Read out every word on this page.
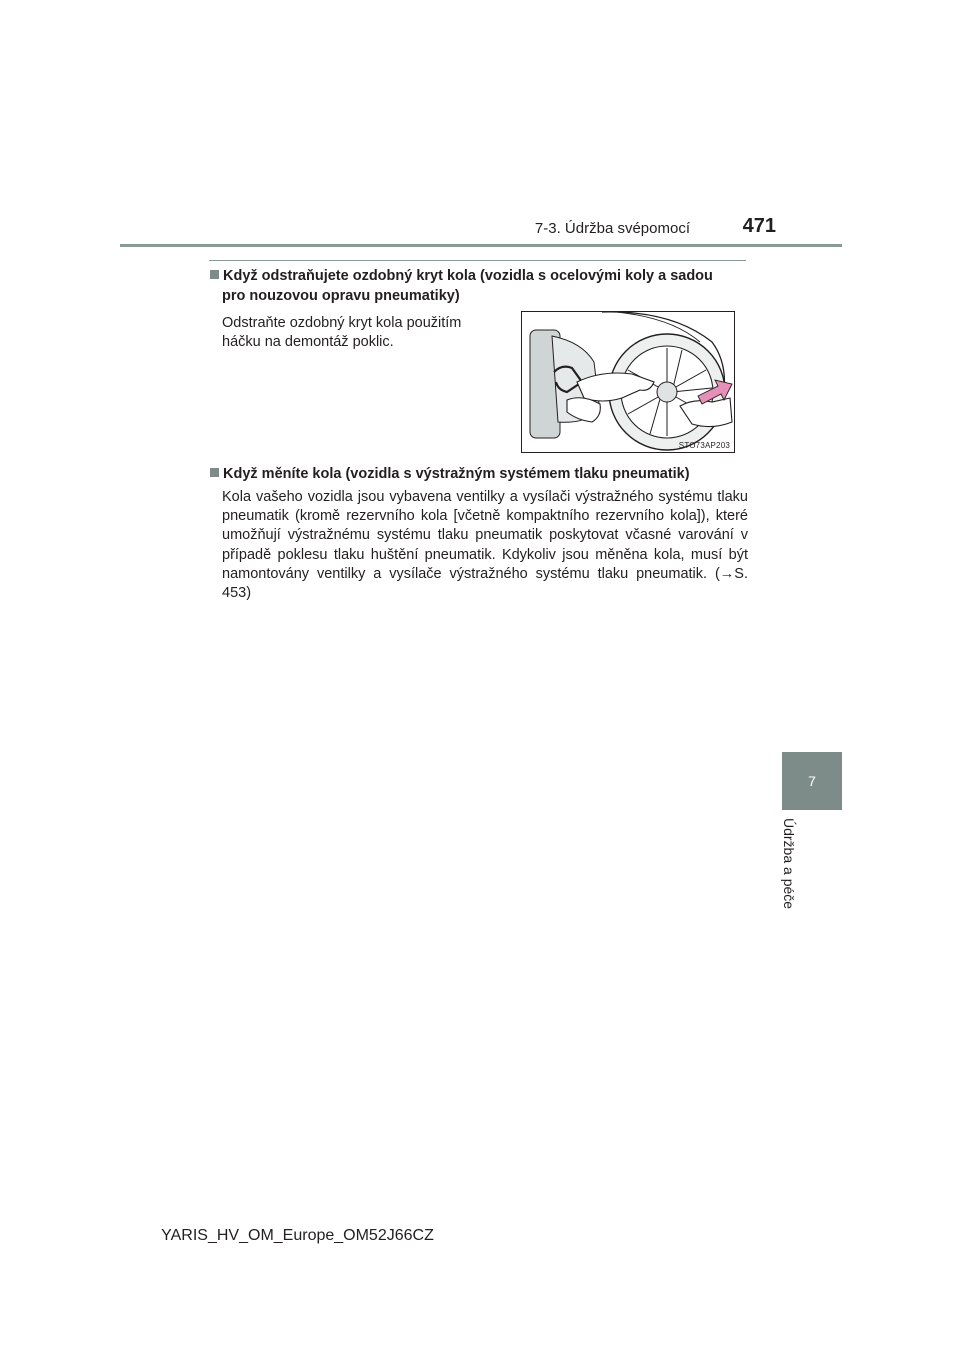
7-3. Údržba svépomocí	471
Když odstraňujete ozdobný kryt kola (vozidla s ocelovými koly a sadou
pro nouzovou opravu pneumatiky)
Odstraňte ozdobný kryt kola použitím háčku na demontáž poklic.
STO73AP203
Když měníte kola (vozidla s výstražným systémem tlaku pneumatik)
Kola vašeho vozidla jsou vybavena ventilky a vysílači výstražného systému tlaku pneumatik (kromě rezervního kola [včetně kompaktního rezervního kola]), které umožňují výstražnému systému tlaku pneumatik poskytovat včasné varování v případě poklesu tlaku huštění pneumatik. Kdykoliv jsou měněna kola, musí být namontovány ventilky a vysílače výstražného systému tlaku pneumatik. (→S. 453)
7
Údržba a péče
YARIS_HV_OM_Europe_OM52J66CZ
